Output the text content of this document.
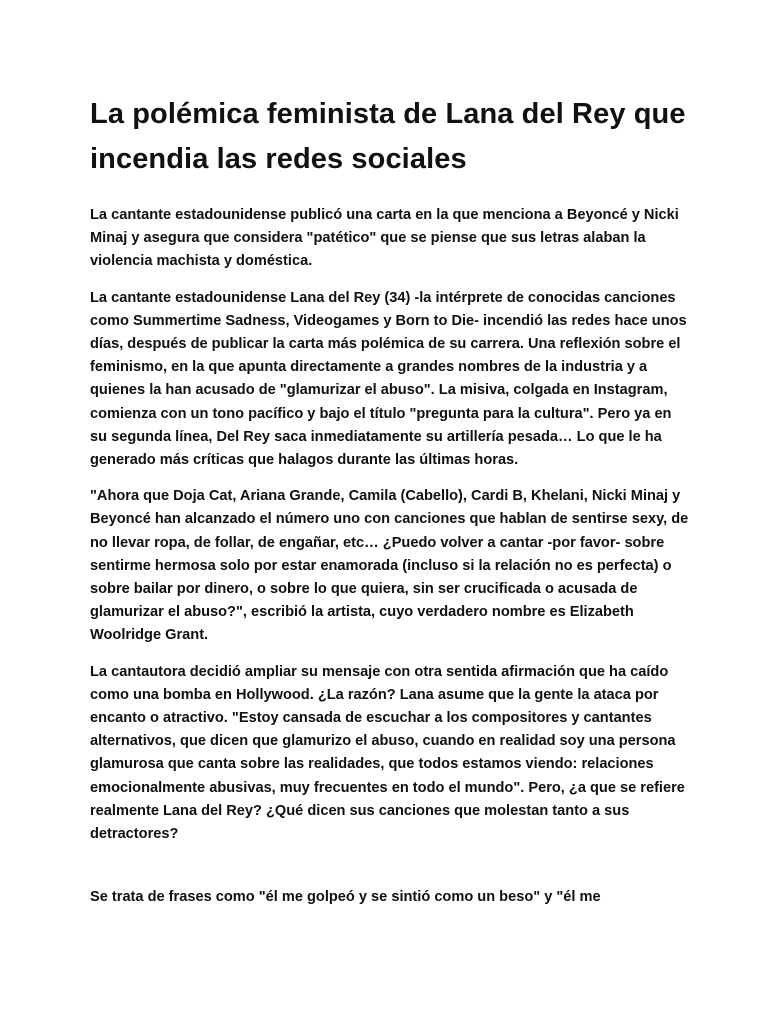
La polémica feminista de Lana del Rey que incendia las redes sociales

La cantante estadounidense publicó una carta en la que menciona a Beyoncé y Nicki Minaj y asegura que considera "patético" que se piense que sus letras alaban la violencia machista y doméstica.

La cantante estadounidense Lana del Rey (34) -la intérprete de conocidas canciones como Summertime Sadness, Videogames y Born to Die- incendió las redes hace unos días, después de publicar la carta más polémica de su carrera. Una reflexión sobre el feminismo, en la que apunta directamente a grandes nombres de la industria y a quienes la han acusado de "glamurizar el abuso". La misiva, colgada en Instagram, comienza con un tono pacífico y bajo el título "pregunta para la cultura". Pero ya en su segunda línea, Del Rey saca inmediatamente su artillería pesada… Lo que le ha generado más críticas que halagos durante las últimas horas.

"Ahora que Doja Cat, Ariana Grande, Camila (Cabello), Cardi B, Khelani, Nicki Minaj y Beyoncé han alcanzado el número uno con canciones que hablan de sentirse sexy, de no llevar ropa, de follar, de engañar, etc… ¿Puedo volver a cantar -por favor- sobre sentirme hermosa solo por estar enamorada (incluso si la relación no es perfecta) o sobre bailar por dinero, o sobre lo que quiera, sin ser crucificada o acusada de glamurizar el abuso?", escribió la artista, cuyo verdadero nombre es Elizabeth Woolridge Grant.

La cantautora decidió ampliar su mensaje con otra sentida afirmación que ha caído como una bomba en Hollywood. ¿La razón? Lana asume que la gente la ataca por encanto o atractivo. "Estoy cansada de escuchar a los compositores y cantantes alternativos, que dicen que glamurizo el abuso, cuando en realidad soy una persona glamurosa que canta sobre las realidades, que todos estamos viendo: relaciones emocionalmente abusivas, muy frecuentes en todo el mundo". Pero, ¿a que se refiere realmente Lana del Rey? ¿Qué dicen sus canciones que molestan tanto a sus detractores?

Se trata de frases como "él me golpeó y se sintió como un beso" y "él me
